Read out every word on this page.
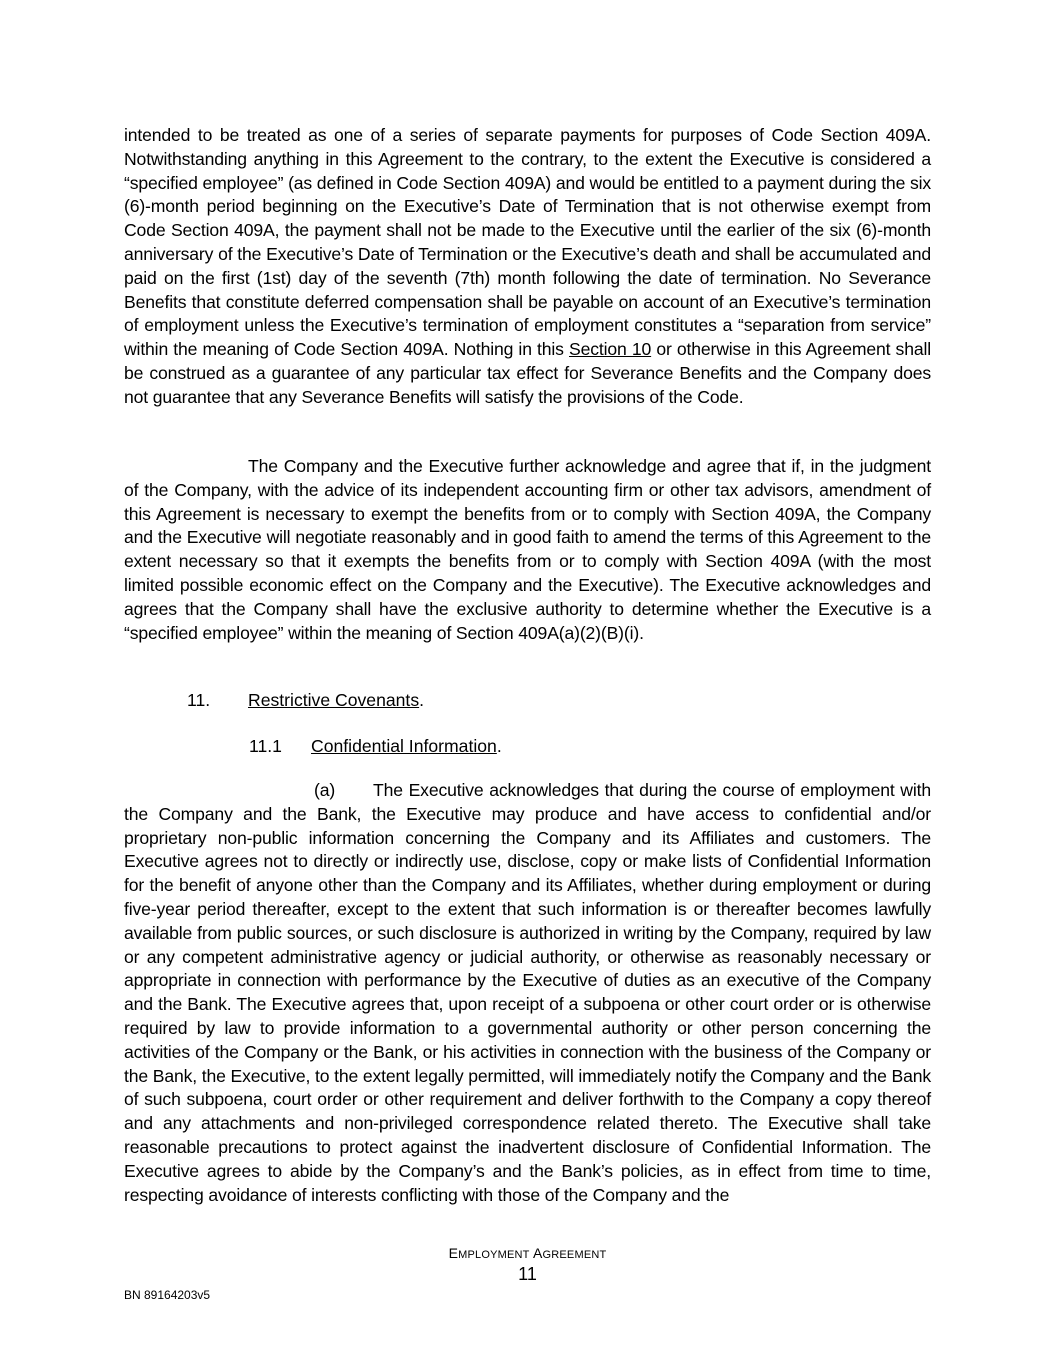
intended to be treated as one of a series of separate payments for purposes of Code Section 409A. Notwithstanding anything in this Agreement to the contrary, to the extent the Executive is considered a “specified employee” (as defined in Code Section 409A) and would be entitled to a payment during the six (6)-month period beginning on the Executive’s Date of Termination that is not otherwise exempt from Code Section 409A, the payment shall not be made to the Executive until the earlier of the six (6)-month anniversary of the Executive’s Date of Termination or the Executive’s death and shall be accumulated and paid on the first (1st) day of the seventh (7th) month following the date of termination. No Severance Benefits that constitute deferred compensation shall be payable on account of an Executive’s termination of employment unless the Executive’s termination of employment constitutes a “separation from service” within the meaning of Code Section 409A. Nothing in this Section 10 or otherwise in this Agreement shall be construed as a guarantee of any particular tax effect for Severance Benefits and the Company does not guarantee that any Severance Benefits will satisfy the provisions of the Code.
The Company and the Executive further acknowledge and agree that if, in the judgment of the Company, with the advice of its independent accounting firm or other tax advisors, amendment of this Agreement is necessary to exempt the benefits from or to comply with Section 409A, the Company and the Executive will negotiate reasonably and in good faith to amend the terms of this Agreement to the extent necessary so that it exempts the benefits from or to comply with Section 409A (with the most limited possible economic effect on the Company and the Executive). The Executive acknowledges and agrees that the Company shall have the exclusive authority to determine whether the Executive is a “specified employee” within the meaning of Section 409A(a)(2)(B)(i).
11. Restrictive Covenants.
11.1 Confidential Information.
(a) The Executive acknowledges that during the course of employment with the Company and the Bank, the Executive may produce and have access to confidential and/or proprietary non-public information concerning the Company and its Affiliates and customers. The Executive agrees not to directly or indirectly use, disclose, copy or make lists of Confidential Information for the benefit of anyone other than the Company and its Affiliates, whether during employment or during five-year period thereafter, except to the extent that such information is or thereafter becomes lawfully available from public sources, or such disclosure is authorized in writing by the Company, required by law or any competent administrative agency or judicial authority, or otherwise as reasonably necessary or appropriate in connection with performance by the Executive of duties as an executive of the Company and the Bank. The Executive agrees that, upon receipt of a subpoena or other court order or is otherwise required by law to provide information to a governmental authority or other person concerning the activities of the Company or the Bank, or his activities in connection with the business of the Company or the Bank, the Executive, to the extent legally permitted, will immediately notify the Company and the Bank of such subpoena, court order or other requirement and deliver forthwith to the Company a copy thereof and any attachments and non-privileged correspondence related thereto. The Executive shall take reasonable precautions to protect against the inadvertent disclosure of Confidential Information. The Executive agrees to abide by the Company’s and the Bank’s policies, as in effect from time to time, respecting avoidance of interests conflicting with those of the Company and the
EMPLOYMENT AGREEMENT
11
BN 89164203v5
